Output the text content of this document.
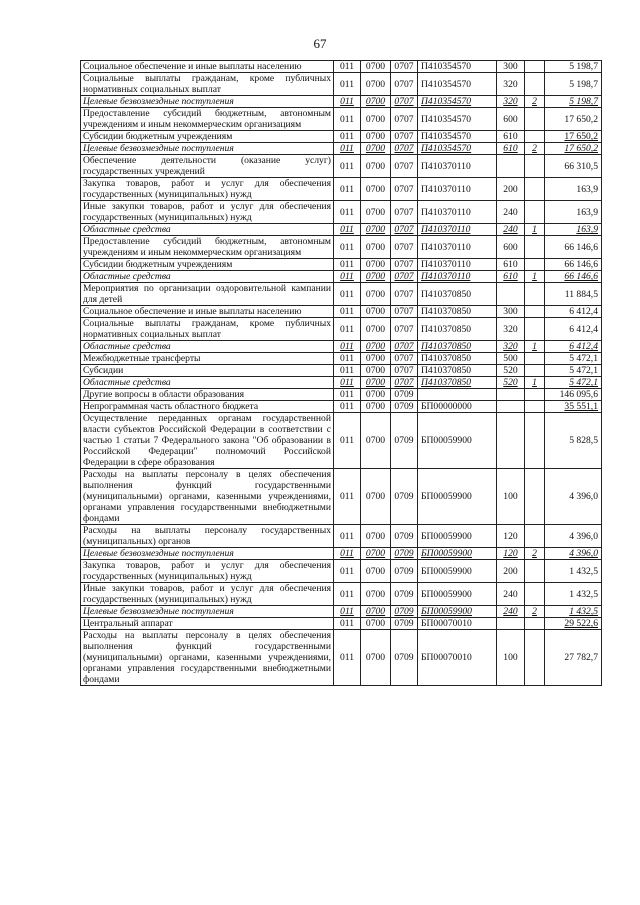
67
Социальное обеспечение и иные выплаты населению	011	0700	0707	П410354570	300		5 198,7
Социальные выплаты гражданам, кроме публичных нормативных социальных выплат	011	0700	0707	П410354570	320		5 198,7
Целевые безвозмездные поступления	011	0700	0707	П410354570	320	2	5 198,7
Предоставление субсидий бюджетным, автономным учреждениям и иным некоммерческим организациям	011	0700	0707	П410354570	600		17 650,2
Субсидии бюджетным учреждениям	011	0700	0707	П410354570	610		17 650,2
Целевые безвозмездные поступления	011	0700	0707	П410354570	610	2	17 650,2
Обеспечение деятельности (оказание услуг) государственных учреждений	011	0700	0707	П410370110			66 310,5
Закупка товаров, работ и услуг для обеспечения государственных (муниципальных) нужд	011	0700	0707	П410370110	200		163,9
Иные закупки товаров, работ и услуг для обеспечения государственных (муниципальных) нужд	011	0700	0707	П410370110	240		163,9
Областные средства	011	0700	0707	П410370110	240	1	163,9
Предоставление субсидий бюджетным, автономным учреждениям и иным некоммерческим организациям	011	0700	0707	П410370110	600		66 146,6
Субсидии бюджетным учреждениям	011	0700	0707	П410370110	610		66 146,6
Областные средства	011	0700	0707	П410370110	610	1	66 146,6
Мероприятия по организации оздоровительной кампании для детей	011	0700	0707	П410370850			11 884,5
Социальное обеспечение и иные выплаты населению	011	0700	0707	П410370850	300		6 412,4
Социальные выплаты гражданам, кроме публичных нормативных социальных выплат	011	0700	0707	П410370850	320		6 412,4
Областные средства	011	0700	0707	П410370850	320	1	6 412,4
Межбюджетные трансферты	011	0700	0707	П410370850	500		5 472,1
Субсидии	011	0700	0707	П410370850	520		5 472,1
Областные средства	011	0700	0707	П410370850	520	1	5 472,1
Другие вопросы в области образования	011	0700	0709				146 095,6
Непрограммная часть областного бюджета	011	0700	0709	БП00000000			35 551,1
Осуществление переданных органам государственной власти субъектов Российской Федерации в соответствии с частью 1 статьи 7 Федерального закона "Об образовании в Российской Федерации" полномочий Российской Федерации в сфере образования	011	0700	0709	БП00059900			5 828,5
Расходы на выплаты персоналу в целях обеспечения выполнения функций государственными (муниципальными) органами, казенными учреждениями, органами управления государственными внебюджетными фондами	011	0700	0709	БП00059900	100		4 396,0
Расходы на выплаты персоналу государственных (муниципальных) органов	011	0700	0709	БП00059900	120		4 396,0
Целевые безвозмездные поступления	011	0700	0709	БП00059900	120	2	4 396,0
Закупка товаров, работ и услуг для обеспечения государственных (муниципальных) нужд	011	0700	0709	БП00059900	200		1 432,5
Иные закупки товаров, работ и услуг для обеспечения государственных (муниципальных) нужд	011	0700	0709	БП00059900	240		1 432,5
Целевые безвозмездные поступления	011	0700	0709	БП00059900	240	2	1 432,5
Центральный аппарат	011	0700	0709	БП00070010			29 522,6
Расходы на выплаты персоналу в целях обеспечения выполнения функций государственными (муниципальными) органами, казенными учреждениями, органами управления государственными внебюджетными фондами	011	0700	0709	БП00070010	100		27 782,7
